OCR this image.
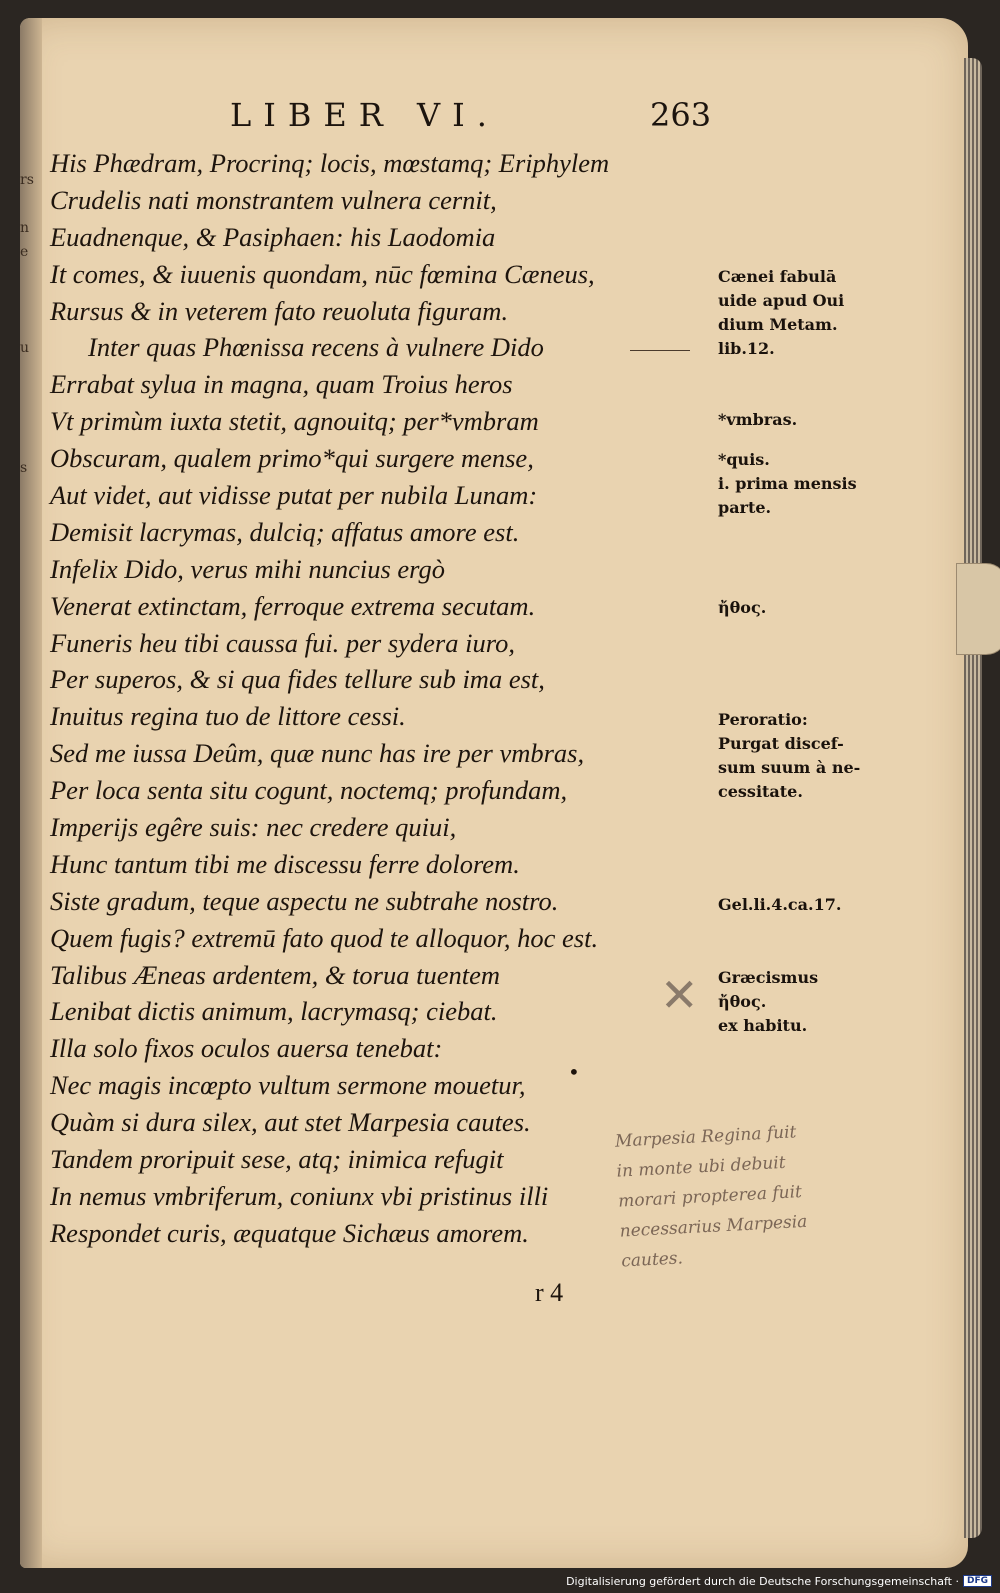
rs

n
e

u

s
LIBER VI.	263
His Phædram, Procrinq; locis, mœstamq; Eriphylem
Crudelis nati monstrantem vulnera cernit,
Euadnenque, & Pasiphaen: his Laodomia
It comes, & iuuenis quondam, nūc fœmina Cæneus,
Rursus & in veterem fato reuoluta figuram.
Inter quas Phœnissa recens à vulnere Dido
Errabat sylua in magna, quam Troius heros
Vt primùm iuxta stetit, agnouitq; per*vmbram
Obscuram, qualem primo*qui surgere mense,
Aut videt, aut vidisse putat per nubila Lunam:
Demisit lacrymas, dulciq; affatus amore est.
Infelix Dido, verus mihi nuncius ergò
Venerat extinctam, ferroque extrema secutam.
Funeris heu tibi caussa fui. per sydera iuro,
Per superos, & si qua fides tellure sub ima est,
Inuitus regina tuo de littore cessi.
Sed me iussa Deûm, quæ nunc has ire per vmbras,
Per loca senta situ cogunt, noctemq; profundam,
Imperijs egêre suis: nec credere quiui,
Hunc tantum tibi me discessu ferre dolorem.
Siste gradum, teque aspectu ne subtrahe nostro.
Quem fugis? extremū fato quod te alloquor, hoc est.
Talibus Æneas ardentem, & torua tuentem
Lenibat dictis animum, lacrymasq; ciebat.
Illa solo fixos oculos auersa tenebat:
Nec magis incœpto vultum sermone mouetur,
Quàm si dura silex, aut stet Marpesia cautes.
Tandem proripuit sese, atq; inimica refugit
In nemus vmbriferum, coniunx vbi pristinus illi
Respondet curis, æquatque Sichæus amorem.
Cænei fabulā
uide apud Oui
dium Metam.
lib.12.
*vmbras.
*quis.
i. prima mensis
parte.
ἤθος.
Peroratio:
Purgat discef-
sum suum à ne-
cessitate.
Gel.li.4.ca.17.
Græcismus
ἤθος.
ex habitu.
✕
•
Marpesia Regina fuit
in monte ubi debuit
morari propterea fuit
necessarius Marpesia
cautes.
r 4
Digitalisierung gefördert durch die Deutsche Forschungsgemeinschaft · DFG
